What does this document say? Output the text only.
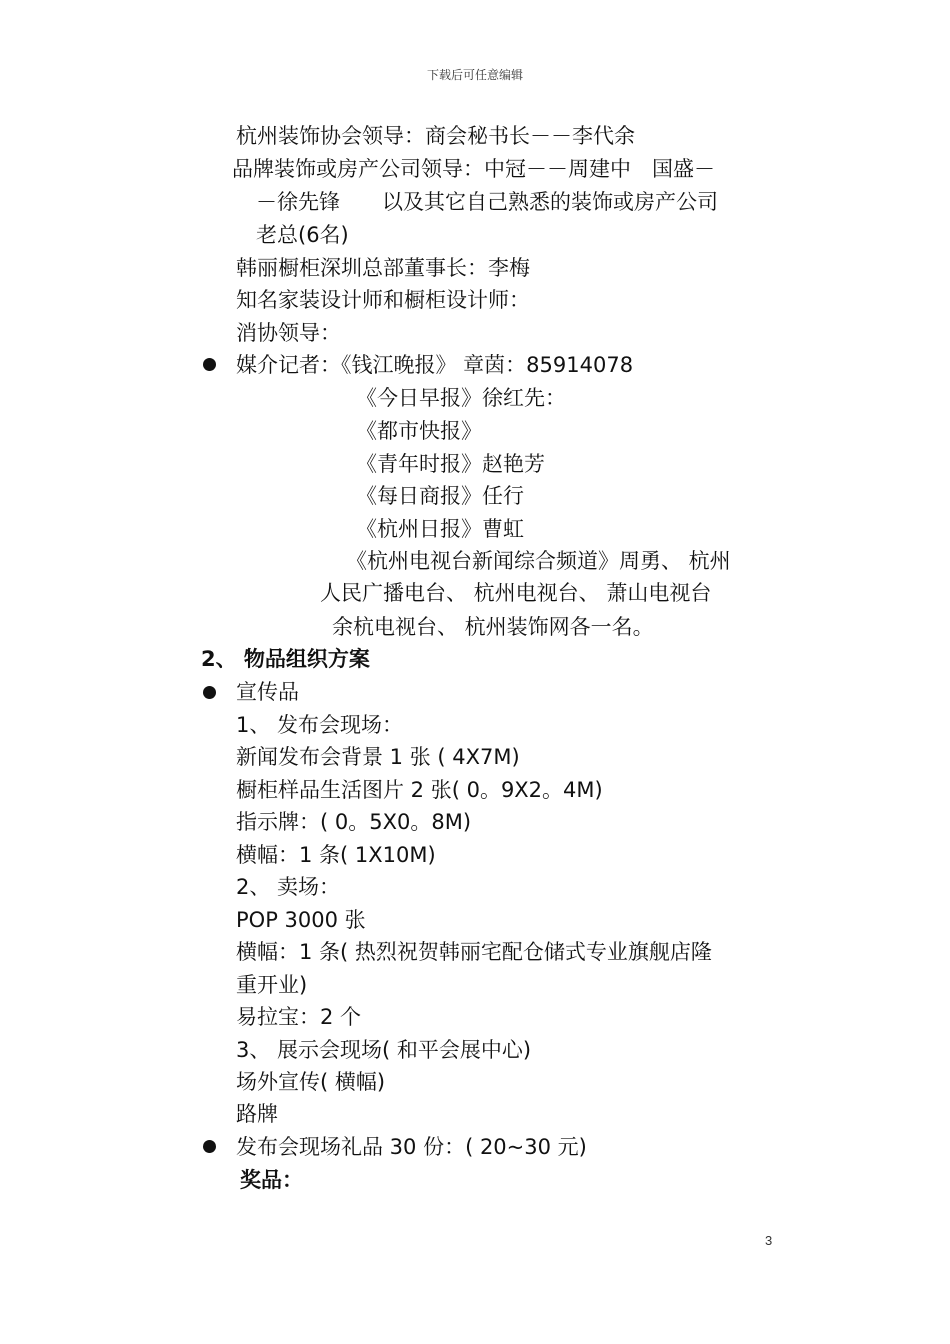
下载后可任意编辑
杭州装饰协会领导：商会秘书长－－李代余
品牌装饰或房产公司领导：中冠－－周建中　国盛－
－徐先锋　　以及其它自己熟悉的装饰或房产公司
老总(6名)
韩丽橱柜深圳总部董事长：李梅
知名家装设计师和橱柜设计师：
消协领导：
媒介记者：《钱江晚报》 章茵：85914078
《今日早报》徐红先：
《都市快报》
《青年时报》赵艳芳
《每日商报》任行
《杭州日报》曹虹
《杭州电视台新闻综合频道》周勇、 杭州
人民广播电台、 杭州电视台、 萧山电视台
余杭电视台、 杭州装饰网各一名。
2、 物品组织方案
宣传品
1、 发布会现场：
新闻发布会背景 1 张 ( 4X7M)
橱柜样品生活图片 2 张( 0。9X2。4M)
指示牌：( 0。5X0。8M)
横幅：1 条( 1X10M)
2、 卖场：
POP 3000 张
横幅：1 条( 热烈祝贺韩丽宅配仓储式专业旗舰店隆
重开业)
易拉宝：2 个
3、 展示会现场( 和平会展中心)
场外宣传( 横幅)
路牌
发布会现场礼品 30 份：( 20~30 元)
奖品：
3
